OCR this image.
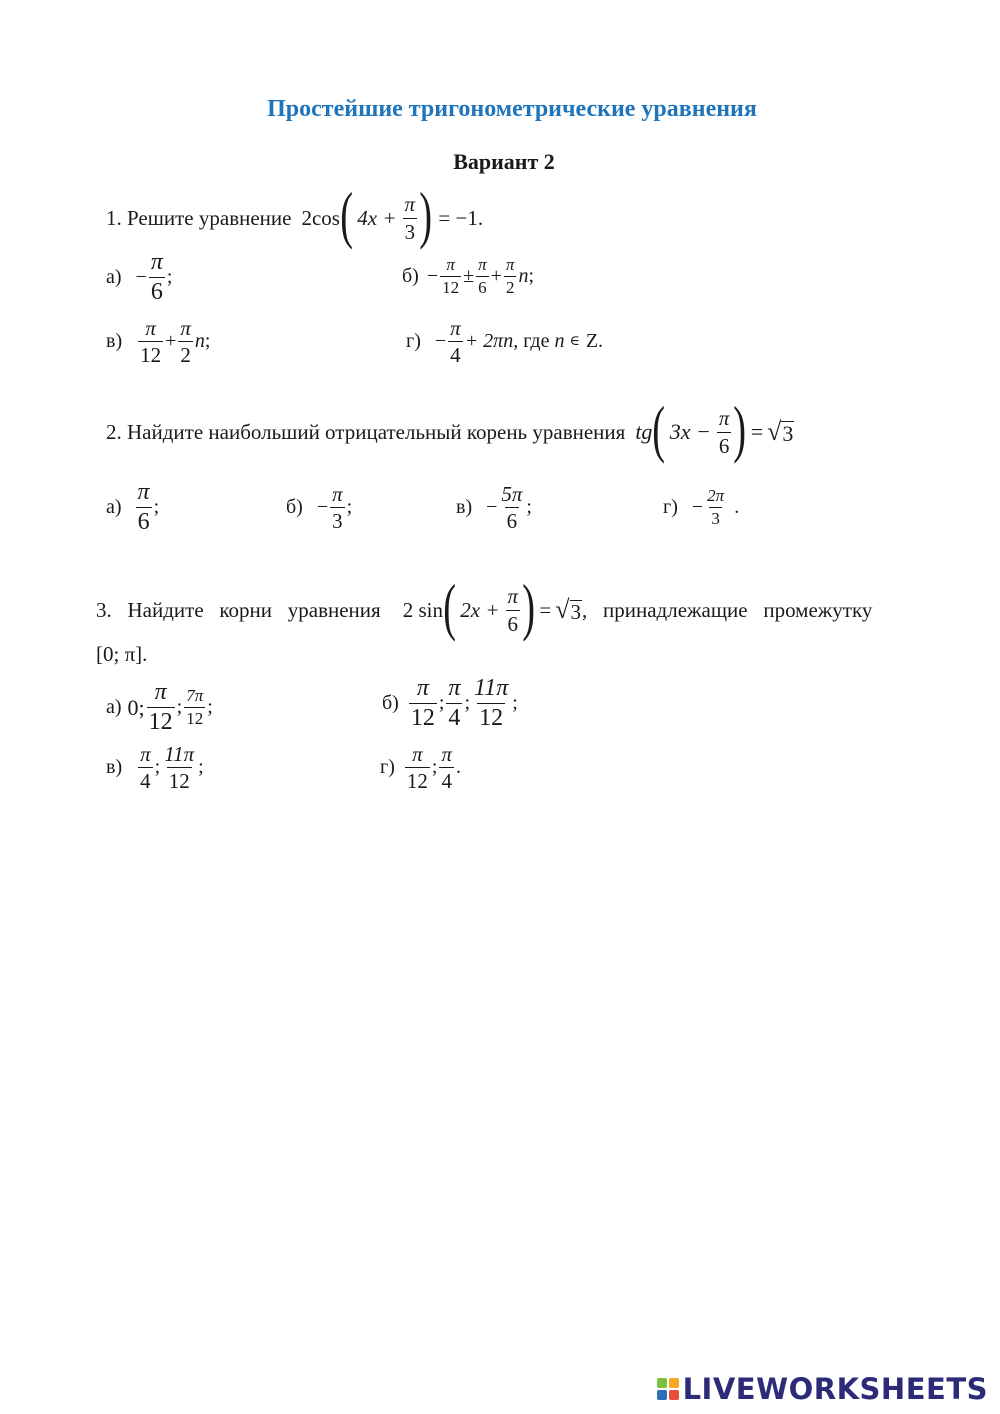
Простейшие тригонометрические уравнения
Вариант 2
1. Решите уравнение 2cos ( $4x + \frac{\pi}{3}$ ) = −1 .
$а) - \frac{\pi}{6}$ ;	$б) - \frac{\pi}{12} \pm \frac{\pi}{6} + \frac{\pi}{2}$ n ;
$в) \frac{\pi}{12} + \frac{\pi}{2}$ n ;	$г) - \frac{\pi}{4} + 2\pi n$ , где n ∈ Z.
2. Найдите наибольший отрицательный корень уравнения tg ( $3x - \frac{\pi}{6}$ ) = √ 3
$а) \frac{\pi}{6}$ ;	$б) - \frac{\pi}{3}$ ;	$в) - \frac{5\pi}{6}$ ;	$г) - \frac{2\pi}{3}$ .
3.   Найдите   корни   уравнения 2 sin ( $2x + \frac{\pi}{6}$ ) = √ 3 ,   принадлежащие   промежутку
[0; π].
а) 0; $\frac{\pi}{12}$ ; $\frac{7\pi}{12}$ ;	$б) \frac{\pi}{12}$ ; $\frac{\pi}{4}$ ; $\frac{11\pi}{12}$ ;
$в) \frac{\pi}{4}$ ; $\frac{11\pi}{12}$ ;	$г) \frac{\pi}{12}$ ; $\frac{\pi}{4}$ .
LIVEWORKSHEETS
